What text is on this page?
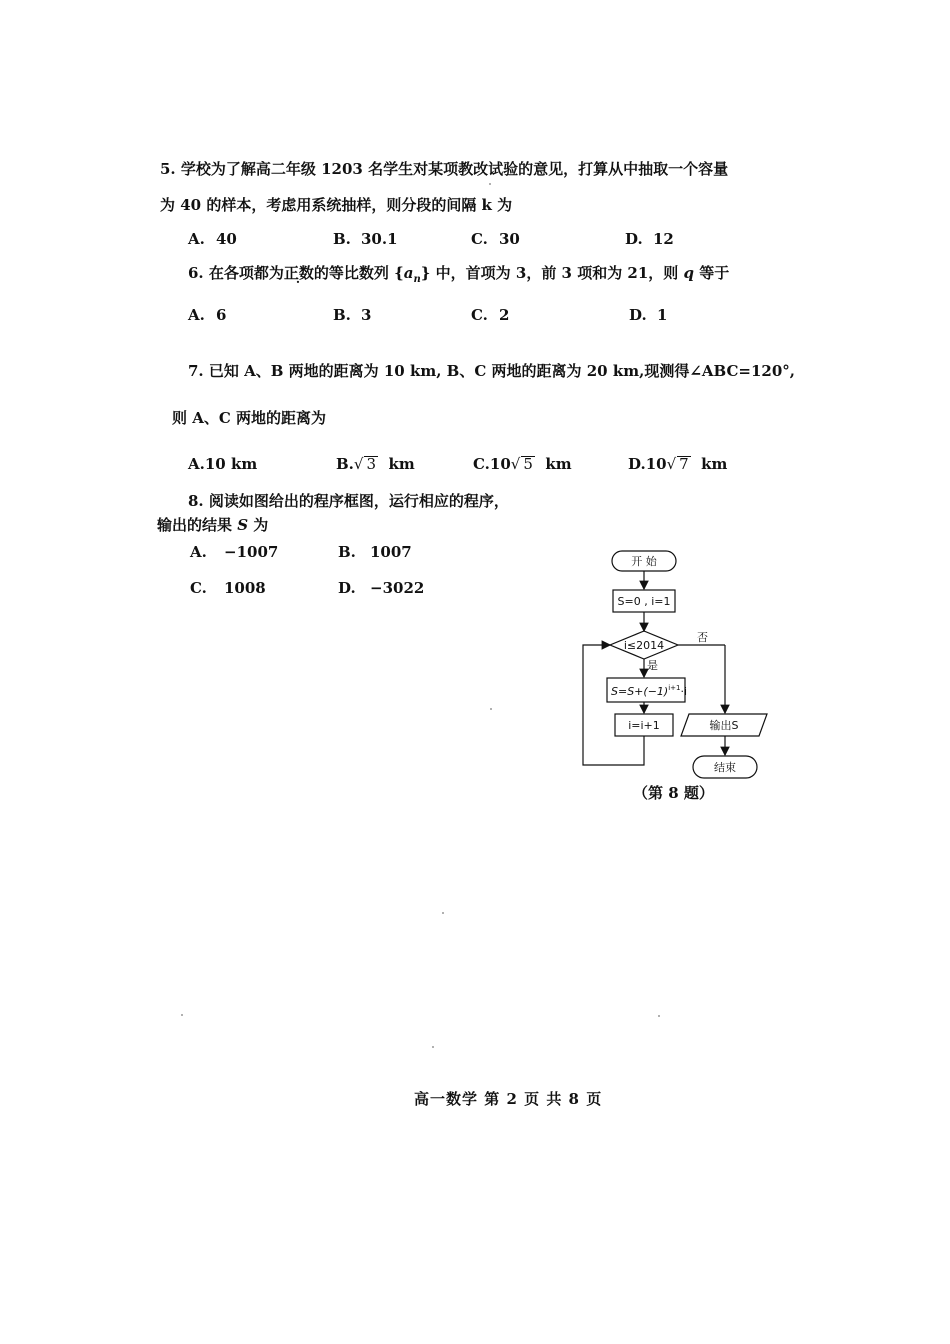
5. 学校为了解高二年级 1203 名学生对某项教改试验的意见，打算从中抽取一个容量
为 40 的样本，考虑用系统抽样，则分段的间隔 k 为
A. 40	B. 30.1	C. 30	D. 12
6. 在各项都为正数的等比数列 $\{a_n\}$ 中，首项为 3，前 3 项和为 21，则 q 等于
A. 6	B. 3	C. 2	D. 1
7. 已知 A、B 两地的距离为 10 km, B、C 两地的距离为 20 km,现测得∠ABC=120°,
则 A、C 两地的距离为
A.10 km	B.√ 3 km	C.10√ 5 km	D.10√ 7 km
8. 阅读如图给出的程序框图，运行相应的程序，
输出的结果 S 为
A. −1007	B. 1007
C. 1008	D. −3022
开 始
S=0 , i=1
i≤2014
否
是
$S=S+(-1)^{i+1}\cdot i$
i=i+1	输出S
结束
（第 8 题）
高一数学 第 2 页 共 8 页
